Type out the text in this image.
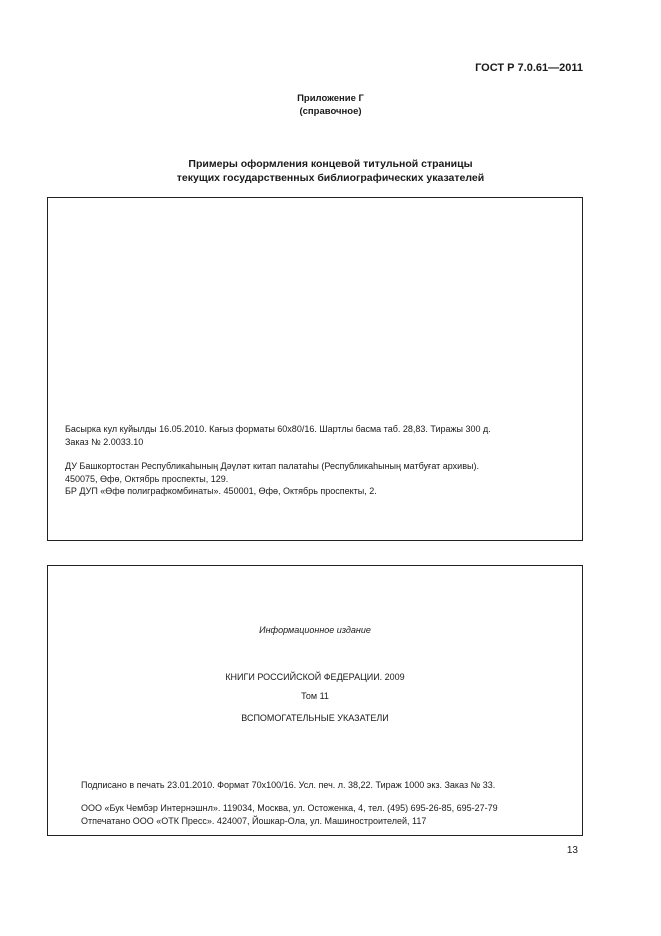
ГОСТ Р 7.0.61—2011
Приложение Г
(справочное)
Примеры оформления концевой титульной страницы
текущих государственных библиографических указателей
Басырка кул куйылды 16.05.2010. Кағыз форматы 60x80/16. Шартлы басма таб. 28,83. Тиражы 300 д.
Заказ № 2.0033.10
ДУ Башкортостан Республикаһының Дәүләт китап палатаһы (Республикаһының матбуғат архивы).
450075, Өфө, Октябрь проспекты, 129.
БР ДУП «Өфө полиграфкомбинаты». 450001, Өфө, Октябрь проспекты, 2.
Информационное издание
КНИГИ РОССИЙСКОЙ ФЕДЕРАЦИИ. 2009
Том 11
ВСПОМОГАТЕЛЬНЫЕ УКАЗАТЕЛИ
Подписано в печать 23.01.2010. Формат 70x100/16. Усл. печ. л. 38,22. Тираж 1000 экз. Заказ № 33.
ООО «Бук Чембэр Интернэшнл». 119034, Москва, ул. Остоженка, 4, тел. (495) 695-26-85, 695-27-79
Отпечатано ООО «ОТК Пресс». 424007, Йошкар-Ола, ул. Машиностроителей, 117
13
